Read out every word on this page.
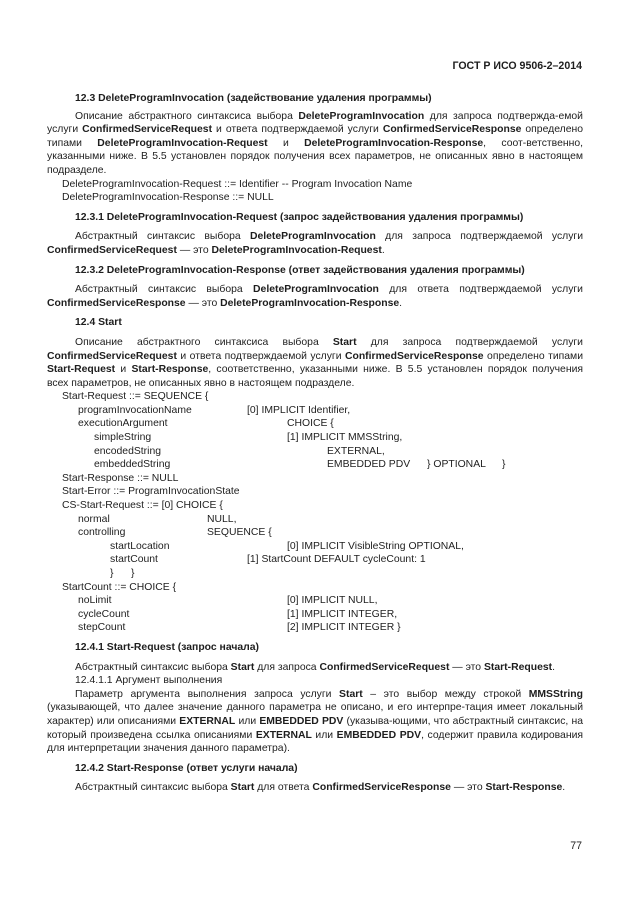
ГОСТ Р ИСО 9506-2–2014
12.3 DeleteProgramInvocation (задействование удаления программы)

Описание абстрактного синтаксиса выбора DeleteProgramInvocation для запроса подтвержда-емой услуги ConfirmedServiceRequest и ответа подтверждаемой услуги ConfirmedServiceResponse определено типами DeleteProgramInvocation-Request и DeleteProgramInvocation-Response, соот-ветственно, указанными ниже. В 5.5 установлен порядок получения всех параметров, не описанных явно в настоящем подразделе.

DeleteProgramInvocation-Request ::= Identifier -- Program Invocation Name
DeleteProgramInvocation-Response ::= NULL
12.3.1 DeleteProgramInvocation-Request (запрос задействования удаления программы)

Абстрактный синтаксис выбора DeleteProgramInvocation для запроса подтверждаемой услуги ConfirmedServiceRequest — это DeleteProgramInvocation-Request.

12.3.2 DeleteProgramInvocation-Response (ответ задействования удаления программы)

Абстрактный синтаксис выбора DeleteProgramInvocation для ответа подтверждаемой услуги ConfirmedServiceResponse — это DeleteProgramInvocation-Response.

12.4 Start

Описание абстрактного синтаксиса выбора Start для запроса подтверждаемой услуги ConfirmedServiceRequest и ответа подтверждаемой услуги ConfirmedServiceResponse определено типами Start-Request и Start-Response, соответственно, указанными ниже. В 5.5 установлен порядок получения всех параметров, не описанных явно в настоящем подразделе.

Start-Request ::= SEQUENCE {
programInvocationName	[0] IMPLICIT Identifier,
executionArgument	CHOICE {
simpleString	[1] IMPLICIT MMSString,
encodedString	EXTERNAL,
embeddedString	EMBEDDED PDV } OPTIONAL }
Start-Response ::= NULL
Start-Error ::= ProgramInvocationState
CS-Start-Request ::= [0] CHOICE {
normal	NULL,
controlling	SEQUENCE {
startLocation	[0] IMPLICIT VisibleString OPTIONAL,
startCount	[1] StartCount DEFAULT cycleCount: 1
} }
StartCount ::= CHOICE {
noLimit	[0] IMPLICIT NULL,
cycleCount	[1] IMPLICIT INTEGER,
stepCount	[2] IMPLICIT INTEGER }
12.4.1 Start-Request (запрос начала)

Абстрактный синтаксис выбора Start для запроса ConfirmedServiceRequest — это Start-Request.

12.4.1.1 Аргумент выполнения

Параметр аргумента выполнения запроса услуги Start – это выбор между строкой MMSString (указывающей, что далее значение данного параметра не описано, и его интерпре-тация имеет локальный характер) или описаниями EXTERNAL или EMBEDDED PDV (указыва-ющими, что абстрактный синтаксис, на который произведена ссылка описаниями EXTERNAL или EMBEDDED PDV, содержит правила кодирования для интерпретации значения данного параметра).

12.4.2 Start-Response (ответ услуги начала)

Абстрактный синтаксис выбора Start для ответа ConfirmedServiceResponse — это Start-Response.

77
